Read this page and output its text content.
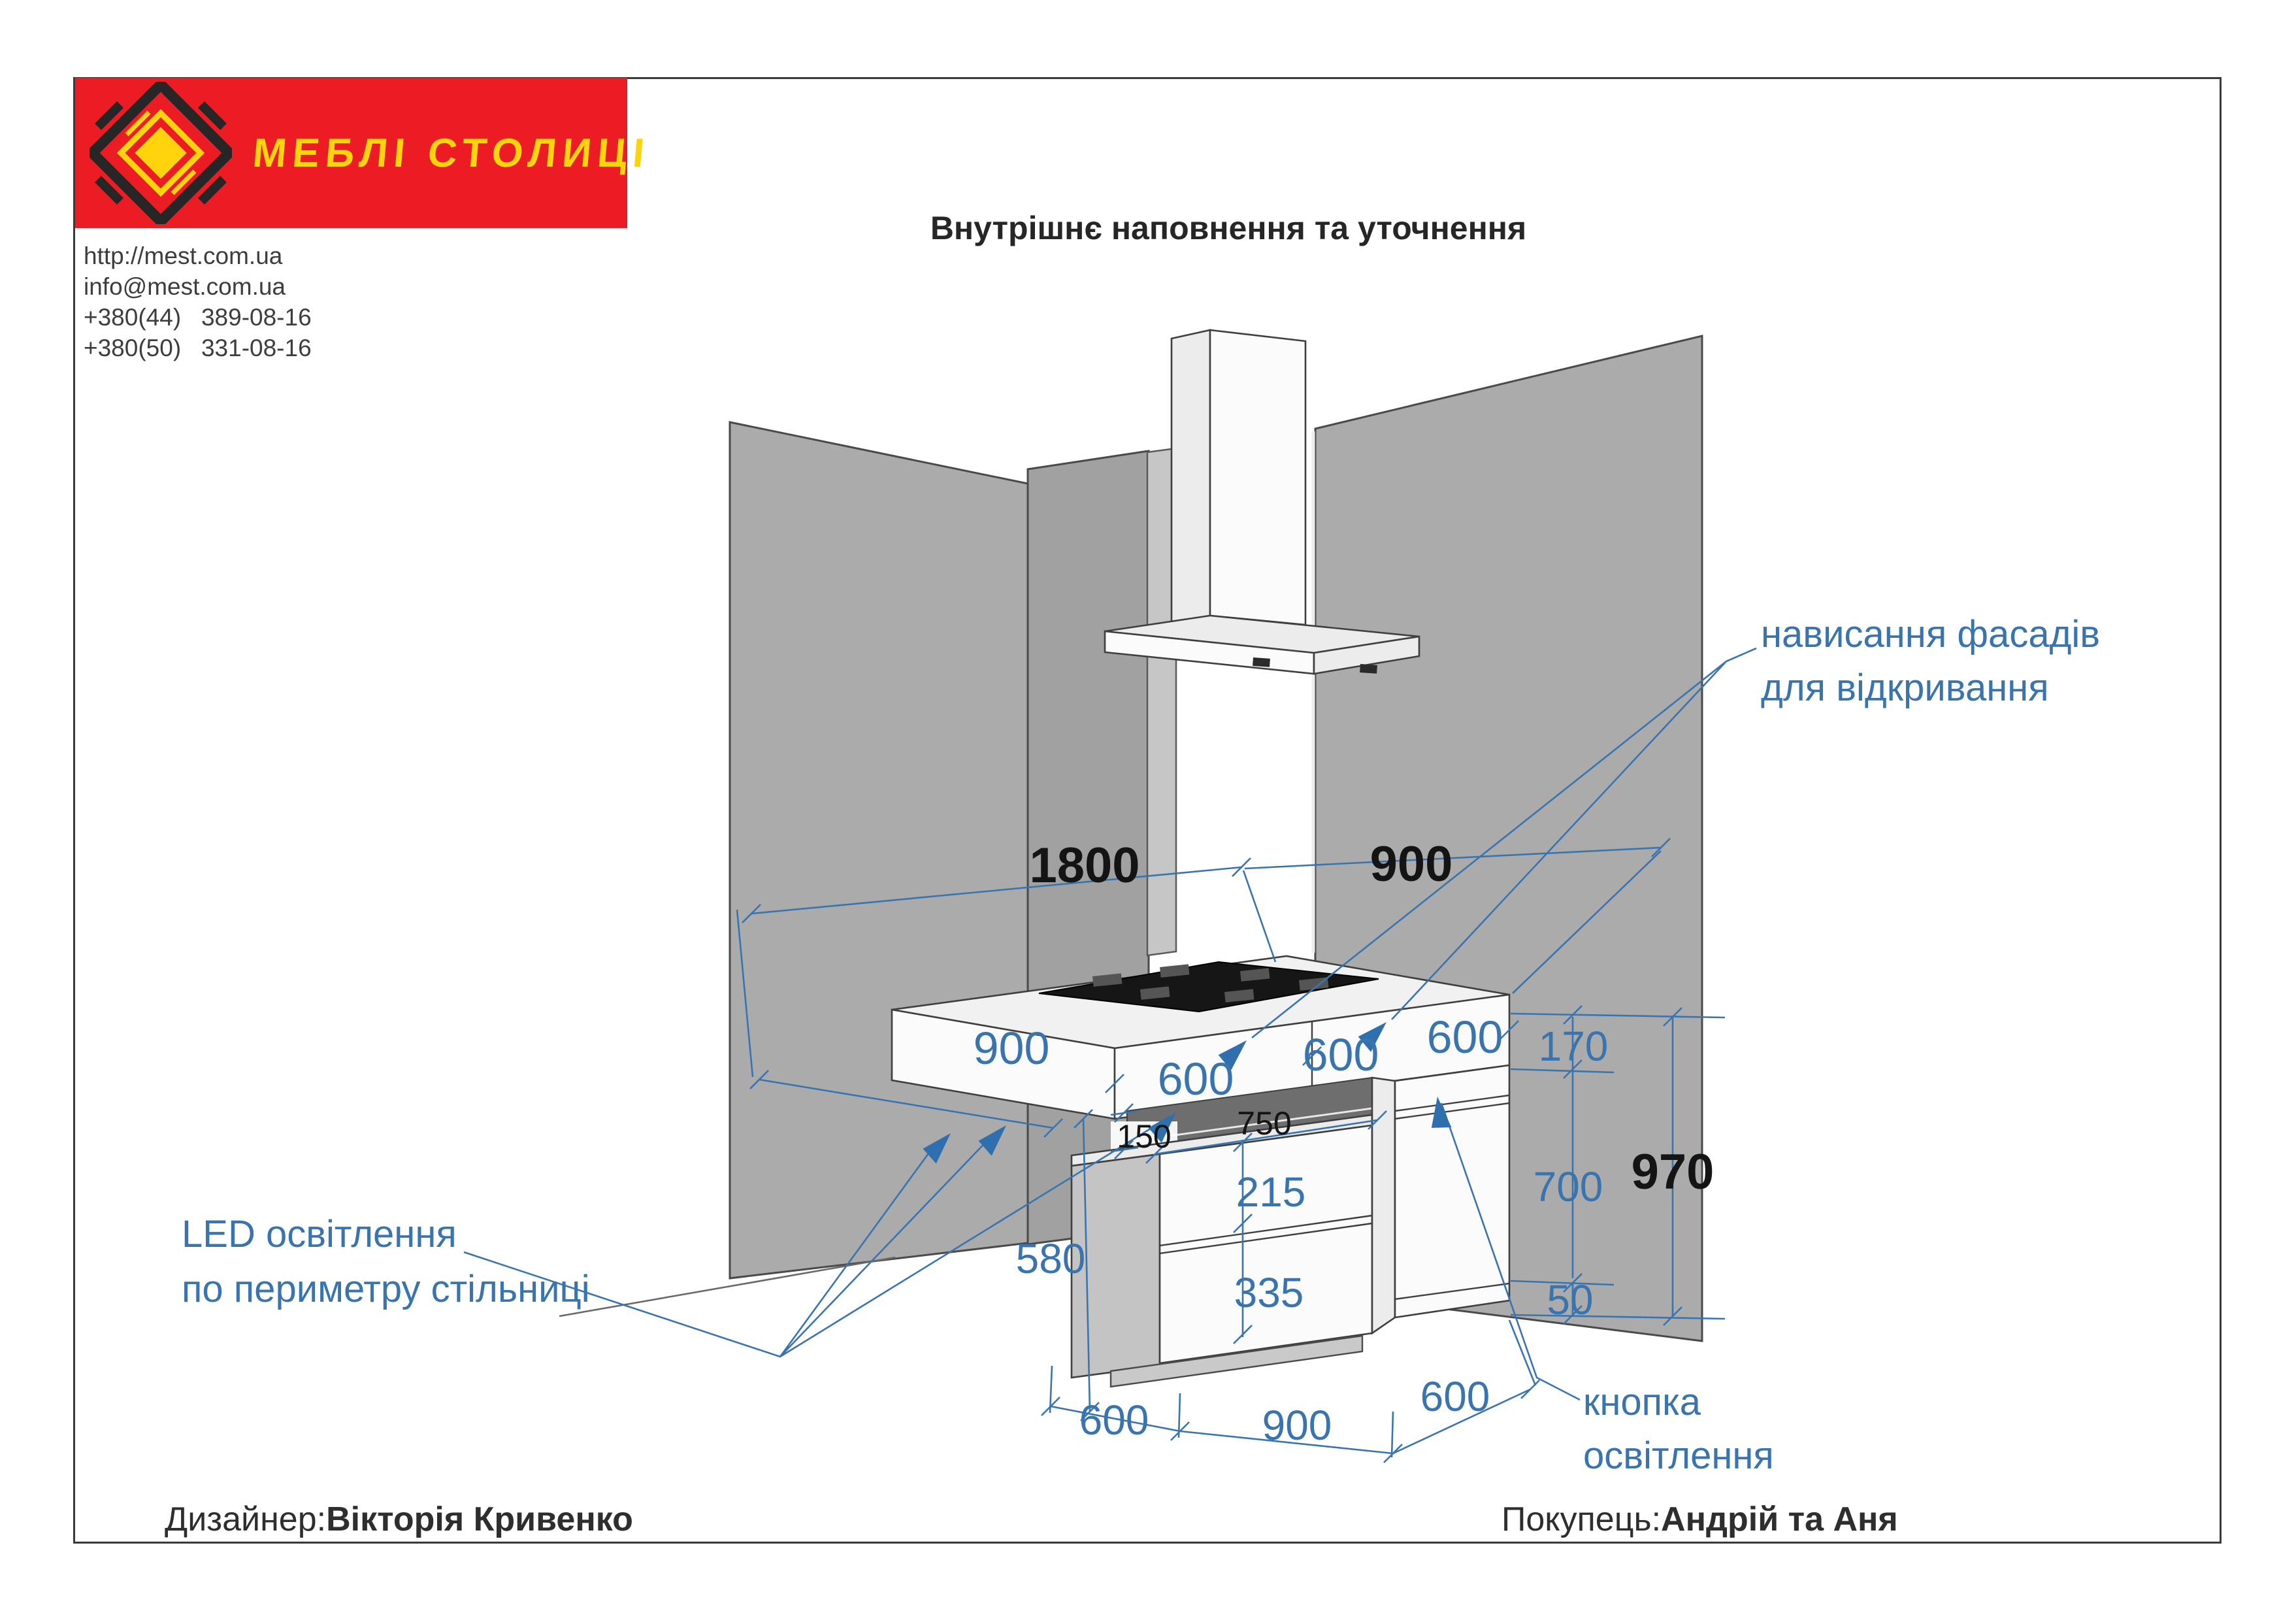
МЕБЛІ СТОЛИЦІ
http://mest.com.ua
info@mest.com.ua
+380(44)   389-08-16
+380(50)   331-08-16
Внутрішнє наповнення та уточнення
1800	900
900
600 600 600 170
700
50
970
150 750
215
335
580
600	900
600
нависання фасадів
для відкривання
LED освітлення
по периметру стільниці
кнопка
освітлення
Дизайнер:Вікторія Кривенко	Покупець:Андрій та Аня
